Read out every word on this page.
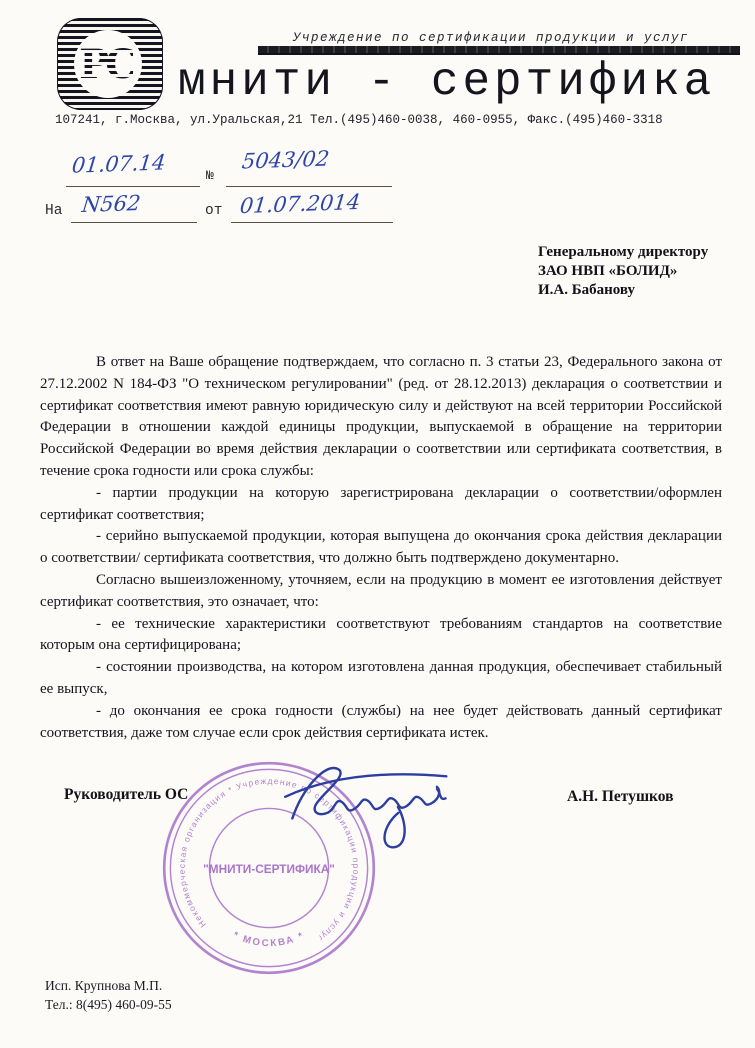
РС
Учреждение по сертификации продукции и услуг
мнити - сертифика
107241, г.Москва, ул.Уральская,21 Тел.(495)460-0038, 460-0955, Факс.(495)460-3318
01.07.14	№
5043/02
На N562	от 01.07.2014
Генеральному директору
ЗАО НВП «БОЛИД»
И.А. Бабанову

В ответ на Ваше обращение подтверждаем, что согласно п. 3 статьи 23, Федерального закона от 27.12.2002 N 184-ФЗ "О техническом регулировании" (ред. от 28.12.2013) декларация о соответствии и сертификат соответствия имеют равную юридическую силу и действуют на всей территории Российской Федерации в отношении каждой единицы продукции, выпускаемой в обращение на территории Российской Федерации во время действия декларации о соответствии или сертификата соответствия, в течение срока годности или срока службы:

- партии продукции на которую зарегистрирована декларации о соответствии/оформлен сертификат соответствия;

- серийно выпускаемой продукции, которая выпущена до окончания срока действия декларации о соответствии/ сертификата соответствия, что должно быть подтверждено документарно.

Согласно вышеизложенному, уточняем, если на продукцию в момент ее изготовления действует сертификат соответствия, это означает, что:

- ее технические характеристики соответствуют требованиям стандартов на соответствие которым она сертифицирована;

- состоянии производства, на котором изготовлена данная продукция, обеспечивает стабильный ее выпуск,

- до окончания ее срока годности (службы) на нее будет действовать данный сертификат соответствия, даже том случае если срок действия сертификата истек.

Руководитель ОС	А.Н. Петушков
Некоммерческая организация * Учреждение по сертификации продукции и услуг
* МОСКВА *
"МНИТИ-СЕРТИФИКА"
Исп. Крупнова М.П.
Тел.: 8(495) 460-09-55
